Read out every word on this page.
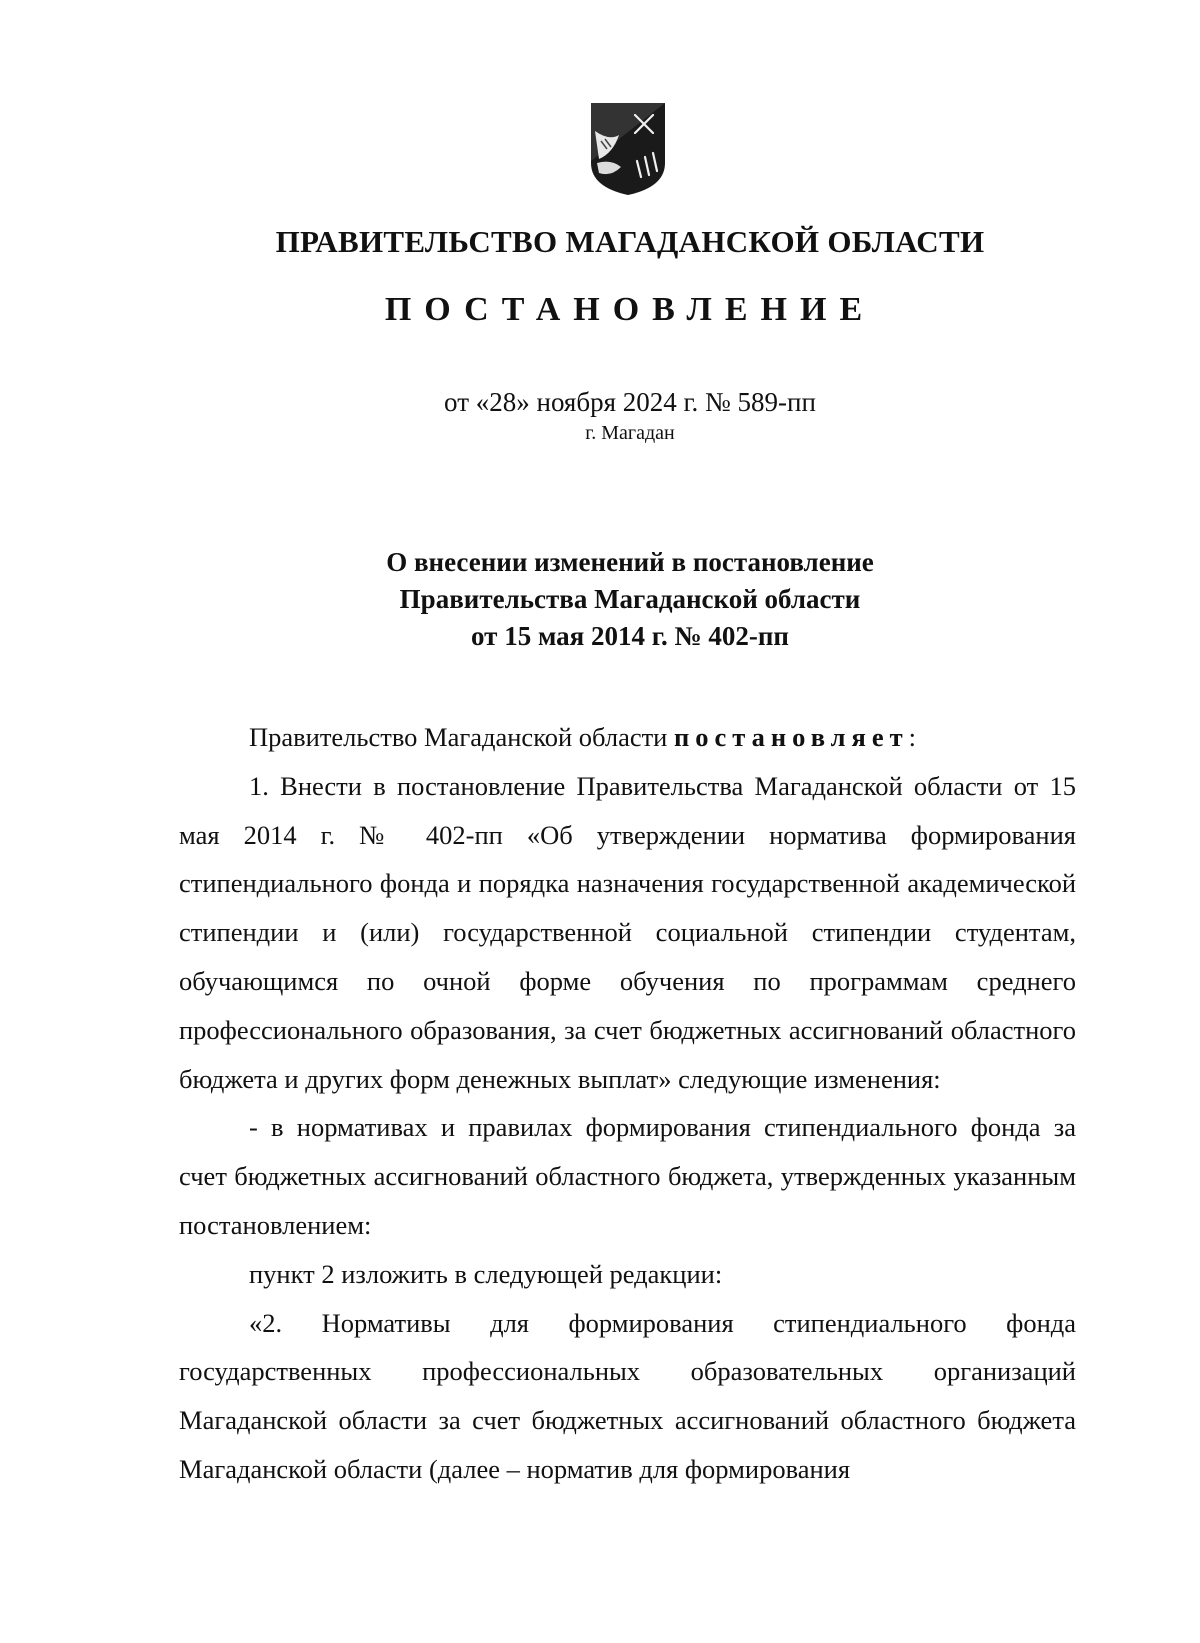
ПРАВИТЕЛЬСТВО МАГАДАНСКОЙ ОБЛАСТИ
ПОСТАНОВЛЕНИЕ
от «28» ноября 2024 г. № 589-пп
г. Магадан
О внесении изменений в постановление
Правительства Магаданской области
от 15 мая 2014 г. № 402-пп

Правительство Магаданской области постановляет:

1. Внести в постановление Правительства Магаданской области от 15 мая 2014 г. № 402-пп «Об утверждении норматива формирования стипендиального фонда и порядка назначения государственной академической стипендии и (или) государственной социальной стипендии студентам, обучающимся по очной форме обучения по программам среднего профессионального образования, за счет бюджетных ассигнований областного бюджета и других форм денежных выплат» следующие изменения:

- в нормативах и правилах формирования стипендиального фонда за счет бюджетных ассигнований областного бюджета, утвержденных указанным постановлением:

пункт 2 изложить в следующей редакции:

«2. Нормативы для формирования стипендиального фонда государственных профессиональных образовательных организаций Магаданской области за счет бюджетных ассигнований областного бюджета Магаданской области (далее – норматив для формирования
